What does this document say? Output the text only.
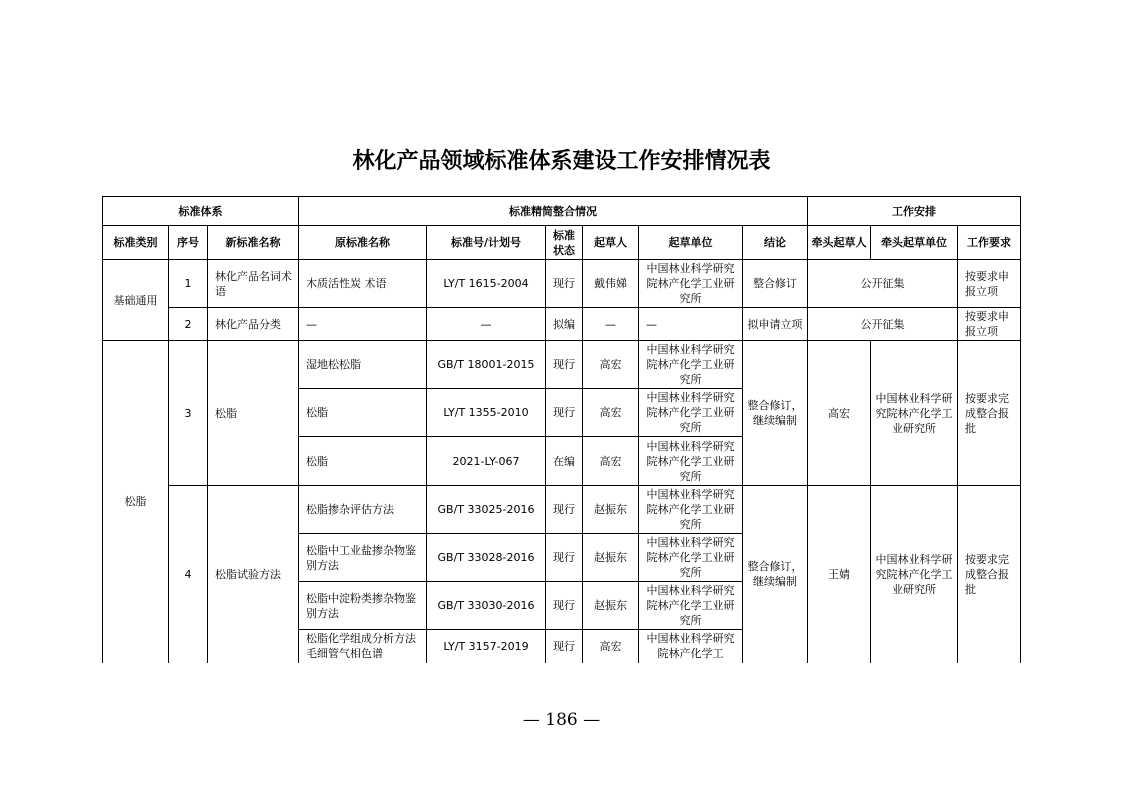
林化产品领域标准体系建设工作安排情况表
标准体系			标准精简整合情况						工作安排		
标准类别	序号	新标准名称	原标准名称	标准号/计划号	标准状态	起草人	起草单位	结论	牵头起草人	牵头起草单位	工作要求
基础通用	1	林化产品名词术语	木质活性炭 术语	LY/T 1615-2004	现行	戴伟娣	中国林业科学研究院林产化学工业研究所	整合修订	公开征集		按要求申报立项
	2	林化产品分类	—	—	拟编	—	—	拟申请立项	公开征集		按要求申报立项
松脂	3	松脂	湿地松松脂	GB/T 18001-2015	现行	高宏	中国林业科学研究院林产化学工业研究所	整合修订，继续编制	高宏	中国林业科学研究院林产化学工业研究所	按要求完成整合报批
			松脂	LY/T 1355-2010	现行	高宏	中国林业科学研究院林产化学工业研究所				
			松脂	2021-LY-067	在编	高宏	中国林业科学研究院林产化学工业研究所				
	4	松脂试验方法	松脂掺杂评估方法	GB/T 33025-2016	现行	赵振东	中国林业科学研究院林产化学工业研究所	整合修订，继续编制	王婧	中国林业科学研究院林产化学工业研究所	按要求完成整合报批
			松脂中工业盐掺杂物鉴别方法	GB/T 33028-2016	现行	赵振东	中国林业科学研究院林产化学工业研究所				
			松脂中淀粉类掺杂物鉴别方法	GB/T 33030-2016	现行	赵振东	中国林业科学研究院林产化学工业研究所				
			松脂化学组成分析方法 毛细管气相色谱	LY/T 3157-2019	现行	高宏	中国林业科学研究院林产化学工				
— 186 —
